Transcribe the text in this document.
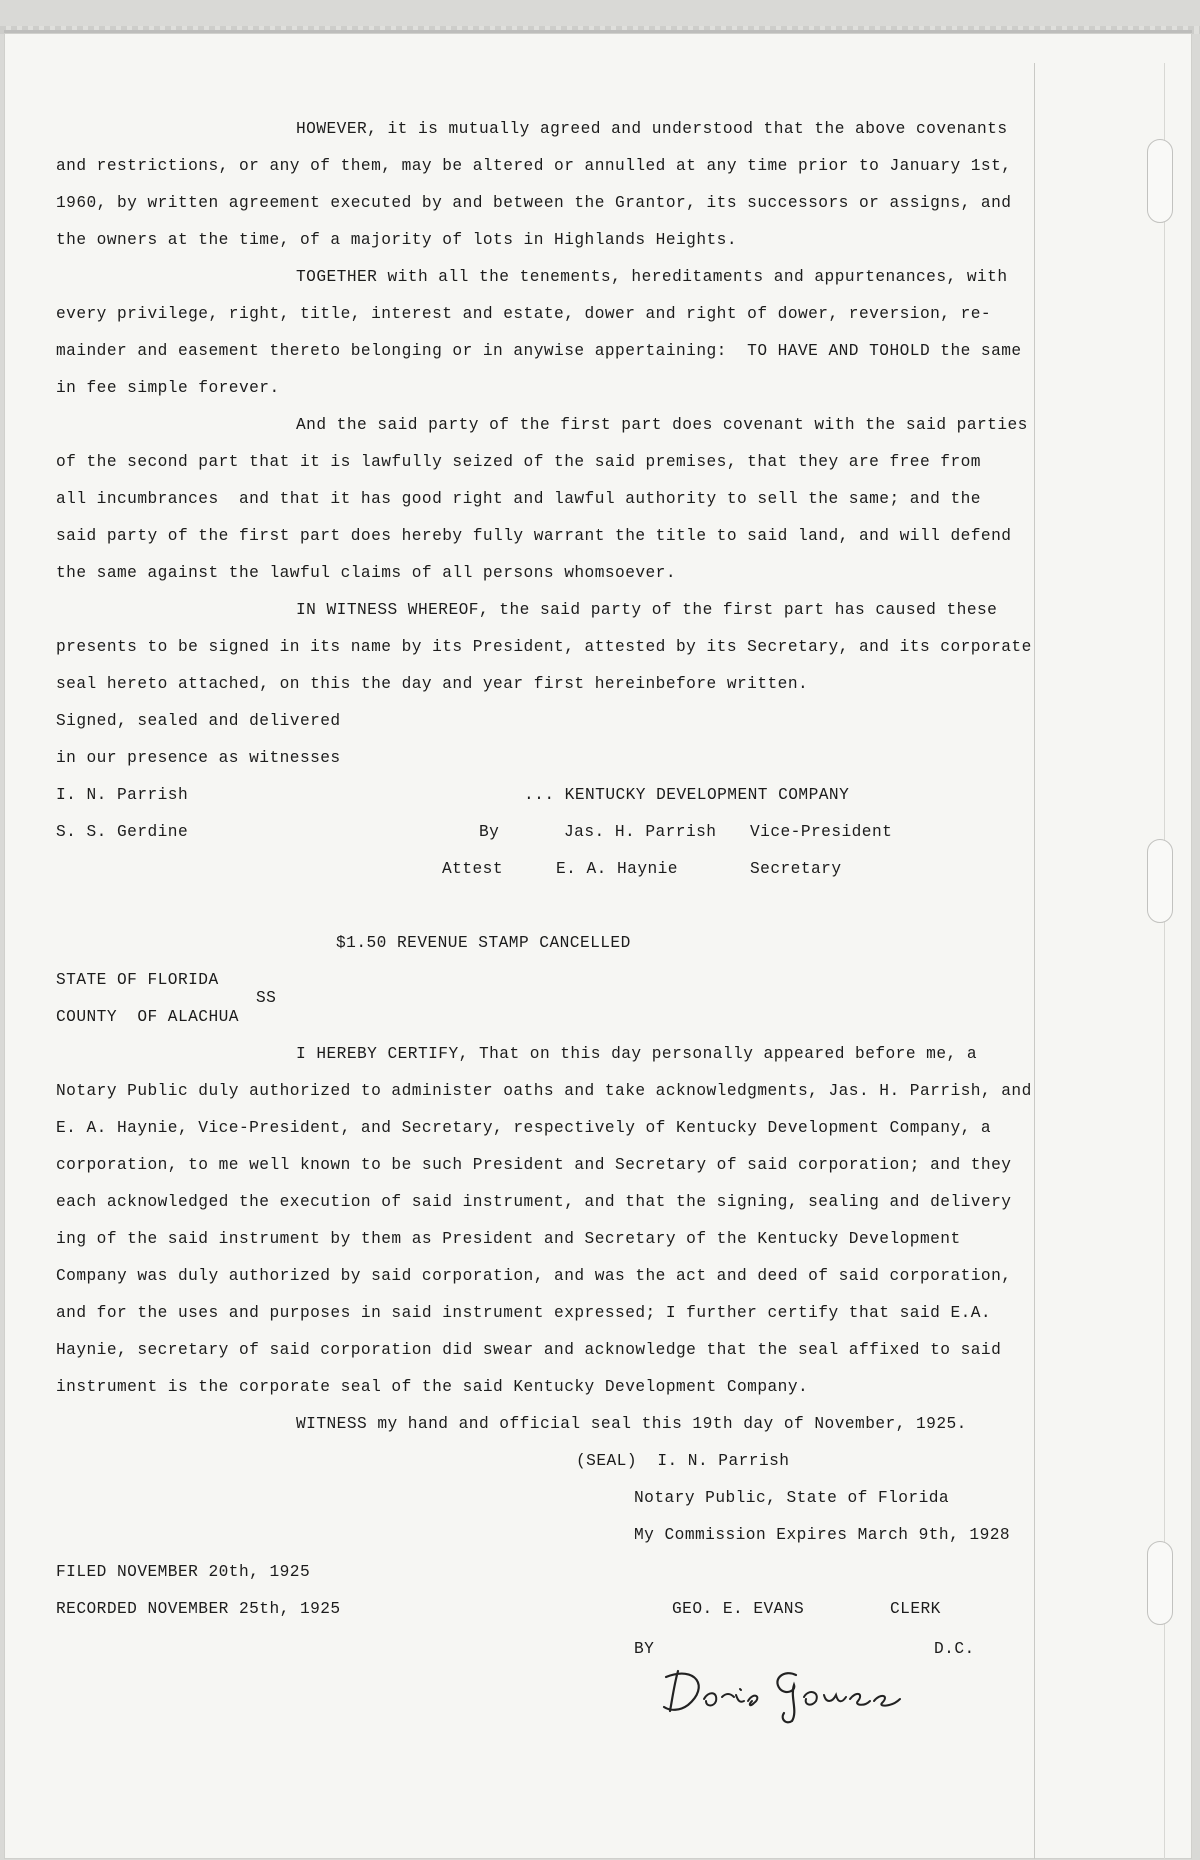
HOWEVER, it is mutually agreed and understood that the above covenants
and restrictions, or any of them, may be altered or annulled at any time prior to January 1st,
1960, by written agreement executed by and between the Grantor, its successors or assigns, and
the owners at the time, of a majority of lots in Highlands Heights.
TOGETHER with all the tenements, hereditaments and appurtenances, with
every privilege, right, title, interest and estate, dower and right of dower, reversion, re-
mainder and easement thereto belonging or in anywise appertaining:  TO HAVE AND TOHOLD the same
in fee simple forever.
And the said party of the first part does covenant with the said parties
of the second part that it is lawfully seized of the said premises, that they are free from
all incumbrances  and that it has good right and lawful authority to sell the same; and the
said party of the first part does hereby fully warrant the title to said land, and will defend
the same against the lawful claims of all persons whomsoever.
IN WITNESS WHEREOF, the said party of the first part has caused these
presents to be signed in its name by its President, attested by its Secretary, and its corporate
seal hereto attached, on this the day and year first hereinbefore written.
Signed, sealed and delivered
in our presence as witnesses
I. N. Parrish	... KENTUCKY DEVELOPMENT COMPANY
S. S. Gerdine	By	Jas. H. Parrish Vice-President
Attest	E. A. Haynie	Secretary
$1.50 REVENUE STAMP CANCELLED
STATE OF FLORIDA
SS
COUNTY  OF ALACHUA
I HEREBY CERTIFY, That on this day personally appeared before me, a
Notary Public duly authorized to administer oaths and take acknowledgments, Jas. H. Parrish, and
E. A. Haynie, Vice-President, and Secretary, respectively of Kentucky Development Company, a
corporation, to me well known to be such President and Secretary of said corporation; and they
each acknowledged the execution of said instrument, and that the signing, sealing and delivery
ing of the said instrument by them as President and Secretary of the Kentucky Development
Company was duly authorized by said corporation, and was the act and deed of said corporation,
and for the uses and purposes in said instrument expressed; I further certify that said E.A.
Haynie, secretary of said corporation did swear and acknowledge that the seal affixed to said
instrument is the corporate seal of the said Kentucky Development Company.
WITNESS my hand and official seal this 19th day of November, 1925.
(SEAL)  I. N. Parrish
Notary Public, State of Florida
My Commission Expires March 9th, 1928
FILED NOVEMBER 20th, 1925
RECORDED NOVEMBER 25th, 1925	GEO. E. EVANS	CLERK
BY	D.C.
